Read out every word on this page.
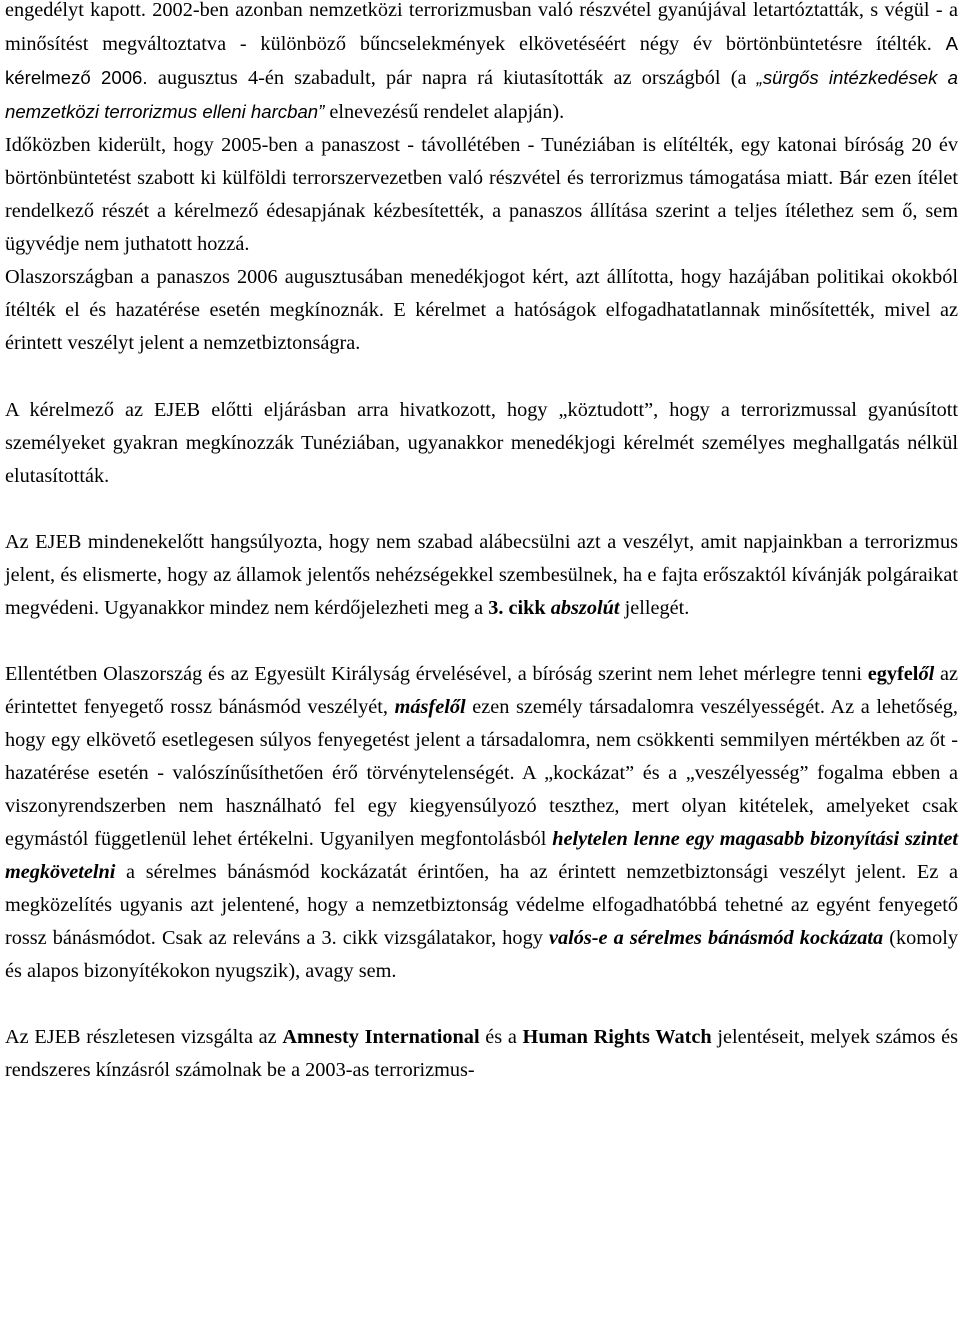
engedélyt kapott. 2002-ben azonban nemzetközi terrorizmusban való részvétel gyanújával letartóztatták, s végül - a minősítést megváltoztatva - különböző bűncselekmények elkövetéséért négy év börtönbüntetésre ítélték. A kérelmező 2006. augusztus 4-én szabadult, pár napra rá kiutasították az országból (a „sürgős intézkedések a nemzetközi terrorizmus elleni harcban” elnevezésű rendelet alapján).

Időközben kiderült, hogy 2005-ben a panaszost - távollétében - Tunéziában is elítélték, egy katonai bíróság 20 év börtönbüntetést szabott ki külföldi terrorszervezetben való részvétel és terrorizmus támogatása miatt. Bár ezen ítélet rendelkező részét a kérelmező édesapjának kézbesítették, a panaszos állítása szerint a teljes ítélethez sem ő, sem ügyvédje nem juthatott hozzá.

Olaszországban a panaszos 2006 augusztusában menedékjogot kért, azt állította, hogy hazájában politikai okokból ítélték el és hazatérése esetén megkínoznák. E kérelmet a hatóságok elfogadhatatlannak minősítették, mivel az érintett veszélyt jelent a nemzetbiztonságra.

A kérelmező az EJEB előtti eljárásban arra hivatkozott, hogy „köztudott”, hogy a terrorizmussal gyanúsított személyeket gyakran megkínozzák Tunéziában, ugyanakkor menedékjogi kérelmét személyes meghallgatás nélkül elutasították.

Az EJEB mindenekelőtt hangsúlyozta, hogy nem szabad alábecsülni azt a veszélyt, amit napjainkban a terrorizmus jelent, és elismerte, hogy az államok jelentős nehézségekkel szembesülnek, ha e fajta erőszaktól kívánják polgáraikat megvédeni. Ugyanakkor mindez nem kérdőjelezheti meg a 3. cikk abszolút jellegét.

Ellentétben Olaszország és az Egyesült Királyság érvelésével, a bíróság szerint nem lehet mérlegre tenni egyfelől az érintettet fenyegető rossz bánásmód veszélyét, másfelől ezen személy társadalomra veszélyességét. Az a lehetőség, hogy egy elkövető esetlegesen súlyos fenyegetést jelent a társadalomra, nem csökkenti semmilyen mértékben az őt - hazatérése esetén - valószínűsíthetően érő törvénytelenségét. A „kockázat” és a „veszélyesség” fogalma ebben a viszonyrendszerben nem használható fel egy kiegyensúlyozó teszthez, mert olyan kitételek, amelyeket csak egymástól függetlenül lehet értékelni. Ugyanilyen megfontolásból helytelen lenne egy magasabb bizonyítási szintet megkövetelni a sérelmes bánásmód kockázatát érintően, ha az érintett nemzetbiztonsági veszélyt jelent. Ez a megközelítés ugyanis azt jelentené, hogy a nemzetbiztonság védelme elfogadhatóbbá tehetné az egyént fenyegető rossz bánásmódot. Csak az releváns a 3. cikk vizsgálatakor, hogy valós-e a sérelmes bánásmód kockázata (komoly és alapos bizonyítékokon nyugszik), avagy sem.

Az EJEB részletesen vizsgálta az Amnesty International és a Human Rights Watch jelentéseit, melyek számos és rendszeres kínzásról számolnak be a 2003-as terrorizmus-
